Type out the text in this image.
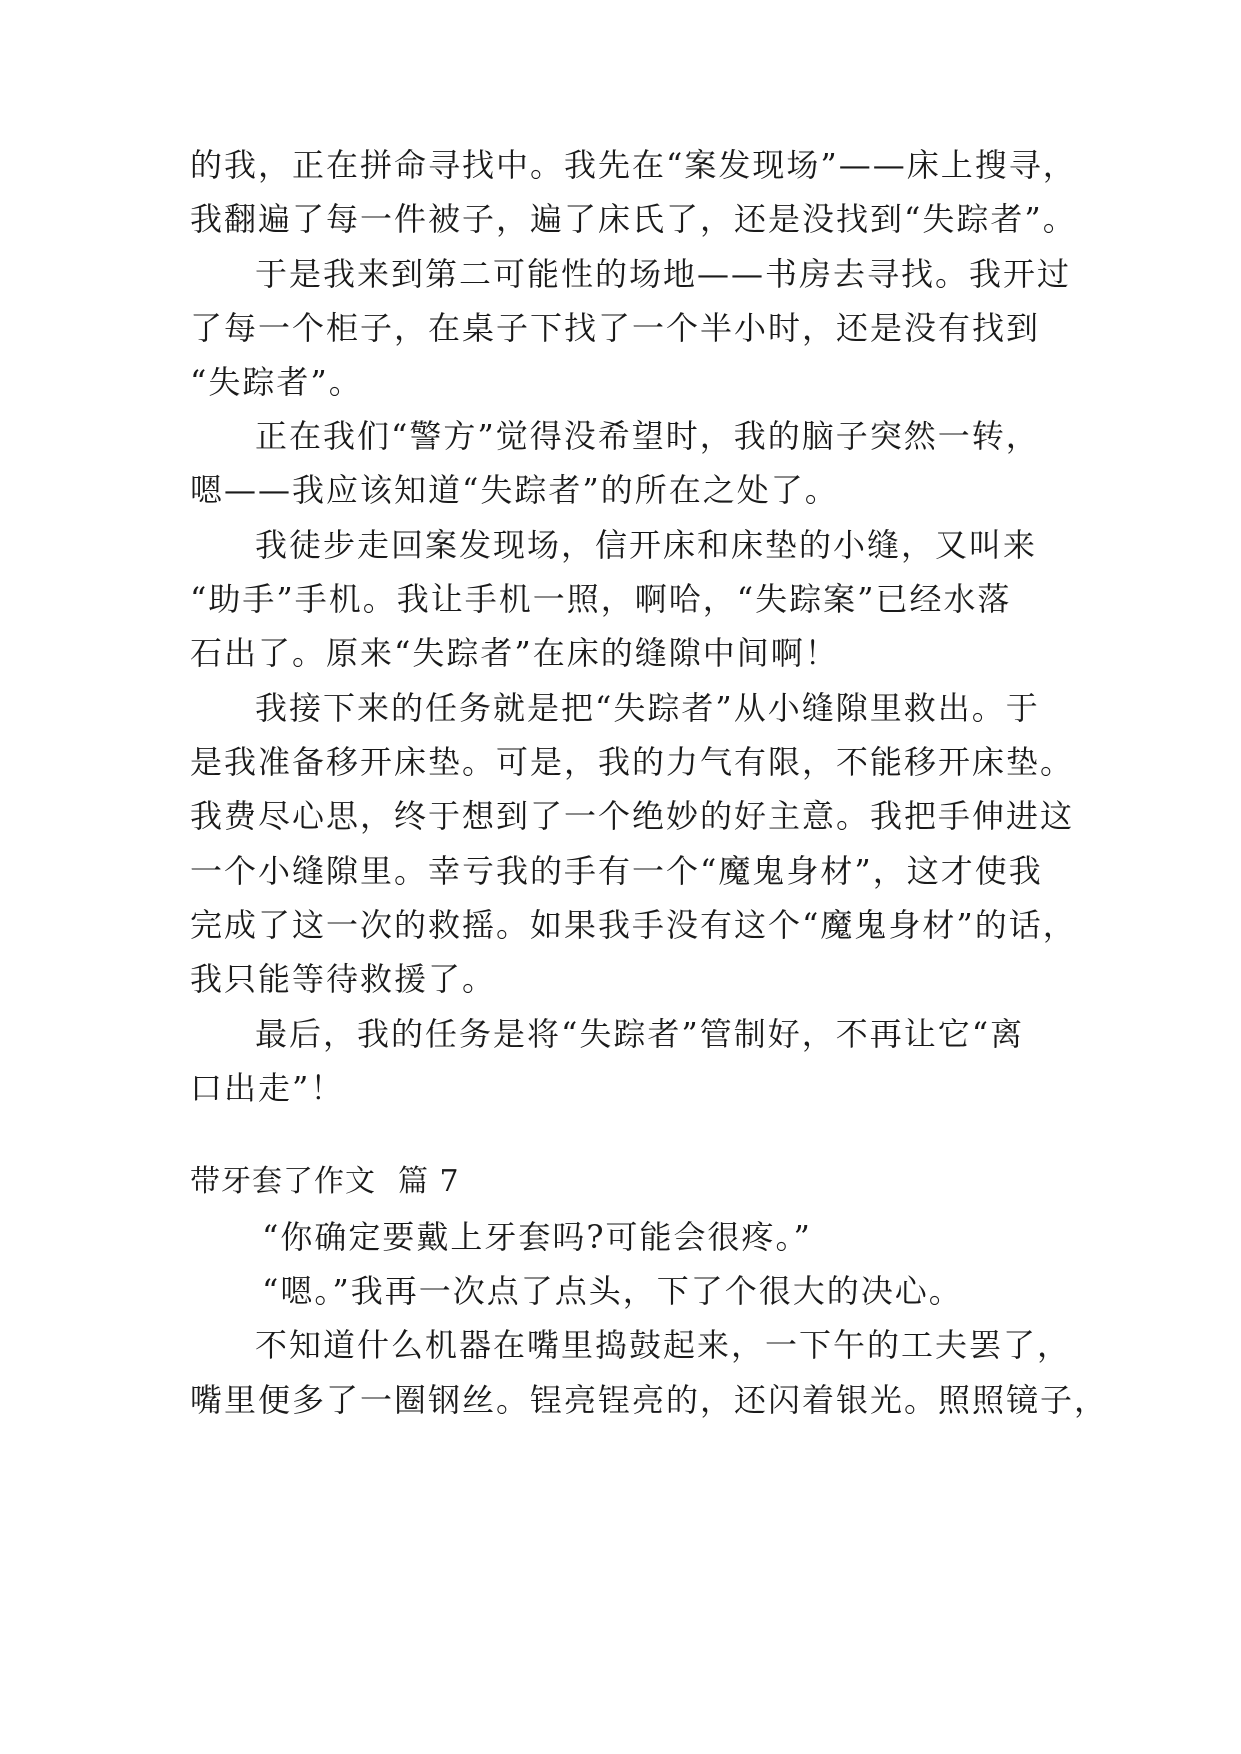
的我，正在拼命寻找中。我先在“案发现场”——床上搜寻，
我翻遍了每一件被子，遍了床氏了，还是没找到“失踪者”。
于是我来到第二可能性的场地——书房去寻找。我开过
了每一个柜子，在桌子下找了一个半小时，还是没有找到
“失踪者”。
正在我们“警方”觉得没希望时，我的脑子突然一转，
嗯——我应该知道“失踪者”的所在之处了。
我徒步走回案发现场，信开床和床垫的小缝，又叫来
“助手”手机。我让手机一照，啊哈，“失踪案”已经水落
石出了。原来“失踪者”在床的缝隙中间啊！
我接下来的任务就是把“失踪者”从小缝隙里救出。于
是我准备移开床垫。可是，我的力气有限，不能移开床垫。
我费尽心思，终于想到了一个绝妙的好主意。我把手伸进这
一个小缝隙里。幸亏我的手有一个“魔鬼身材”，这才使我
完成了这一次的救摇。如果我手没有这个“魔鬼身材”的话，
我只能等待救援了。
最后，我的任务是将“失踪者”管制好，不再让它“离
口出走”！
带牙套了作文 篇 7
“你确定要戴上牙套吗?可能会很疼。”
“嗯。”我再一次点了点头，下了个很大的决心。
不知道什么机器在嘴里捣鼓起来，一下午的工夫罢了，
嘴里便多了一圈钢丝。锃亮锃亮的，还闪着银光。照照镜子，
